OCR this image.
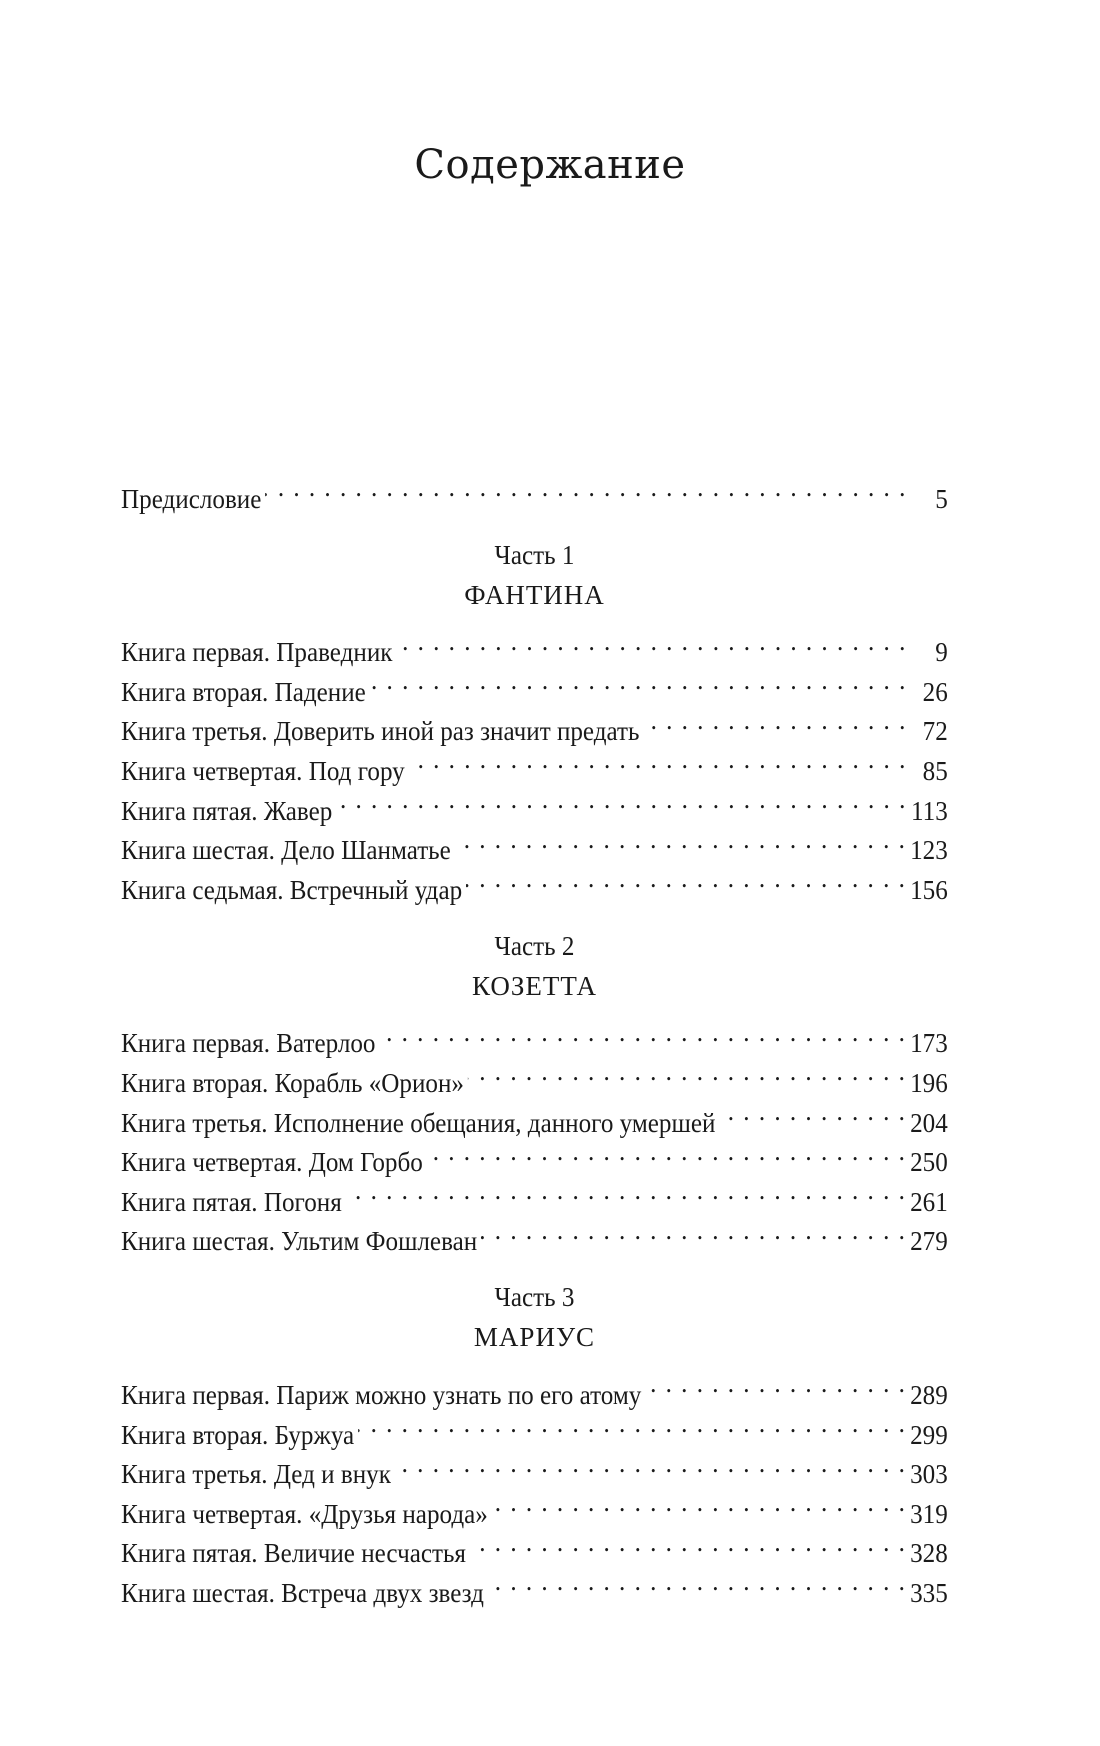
Содержание
Предисловие . . .	5
Часть 1
ФАНТИНА
Книга первая. Праведник . . .	9
Книга вторая. Падение . . .	26
Книга третья. Доверить иной раз значит предать . . .	72
Книга четвертая. Под гору . . .	85
Книга пятая. Жавер . . .	113
Книга шестая. Дело Шанматье . . .	123
Книга седьмая. Встречный удар . . .	156
Часть 2
КОЗЕТТА
Книга первая. Ватерлоо . . .	173
Книга вторая. Корабль «Орион» . . .	196
Книга третья. Исполнение обещания, данного умершей . . .	204
Книга четвертая. Дом Горбо . . .	250
Книга пятая. Погоня . . .	261
Книга шестая. Ультим Фошлеван . . .	279
Часть 3
МАРИУС
Книга первая. Париж можно узнать по его атому . . .	289
Книга вторая. Буржуа . . .	299
Книга третья. Дед и внук . . .	303
Книга четвертая. «Друзья народа» . . .	319
Книга пятая. Величие несчастья . . .	328
Книга шестая. Встреча двух звезд . . .	335
